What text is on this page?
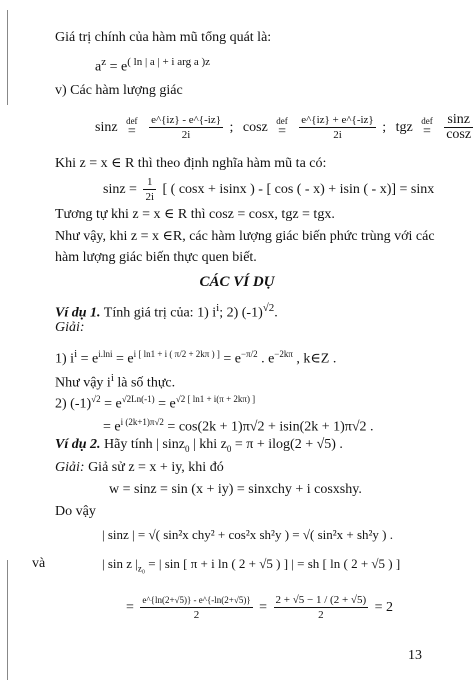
Giá trị chính của hàm mũ tổng quát là:
$a^z = e^{( ln | a | + i arg a )z}$
v) Các hàm lượng giác
sinz def
=
	$\frac{e\^{}\{iz\} - e\^{}\{-iz\}}{2i}$ ; cosz def
=
	$\frac{e\^{}\{iz\} + e\^{}\{-iz\}}{2i}$ ; tgz def
=
$\frac{\sin z}{\cos z}$
Khi z = x ∈ R thì theo định nghĩa hàm mũ ta có:
$\sin z = \frac{1}{2i}$ [ ( cosx + isinx ) - [ cos ( - x) + isin ( - x)] = sinx
Tương tự khi z = x ∈ R thì cosz = cosx, tgz = tgx.
Như vậy, khi z = x ∈R, các hàm lượng giác biến phức trùng với các
hàm lượng giác biến thực quen biết.
CÁC VÍ DỤ
Ví dụ 1. Tính giá trị của: 1) $i^i$; 2) $(-1)^{√2}$.
Giải:
1) $i^i = e^{i.lni} = e^{i [ ln1 + i ( \pi/2 + 2k\pi ) ]} = e^{-\pi/2}$ . $e^{-2k\pi}$ , k∈Z .
Như vậy $i^i$ là số thực.
2) $(-1)^{√2} = e^{√2Ln(-1)} = e^{√2 [ ln1 + i(\pi + 2k\pi) ]}$
= $e^{i (2k+1)\pi√2} = \cos(2k + 1)\pi√2 + isin(2k + 1)\pi√2$ .
Ví dụ 2. Hãy tính | sinz$_0$ | khi $z_0 = \pi + ilog(2 + √5)$ .
Giải: Giả sử z = x + iy, khi đó
w = sinz = sin (x + iy) = sinxchy + i cosxshy.
Do vậy
| sinz | = √( sin²x chy² + cos²x sh²y ) = √( sin²x + sh²y ) .
và	| sin z $|_{z_0}$ = | sin [ π + i ln ( 2 + √5 ) ] | = sh [ ln ( 2 + √5 ) ]
= $\frac{e\^{}\{\ln(2+√5)\} - e\^{}\{-\ln(2+√5)\}}{2} = \frac{2 + √5 - 1 / (2 + √5)}{2} = 2$
13
